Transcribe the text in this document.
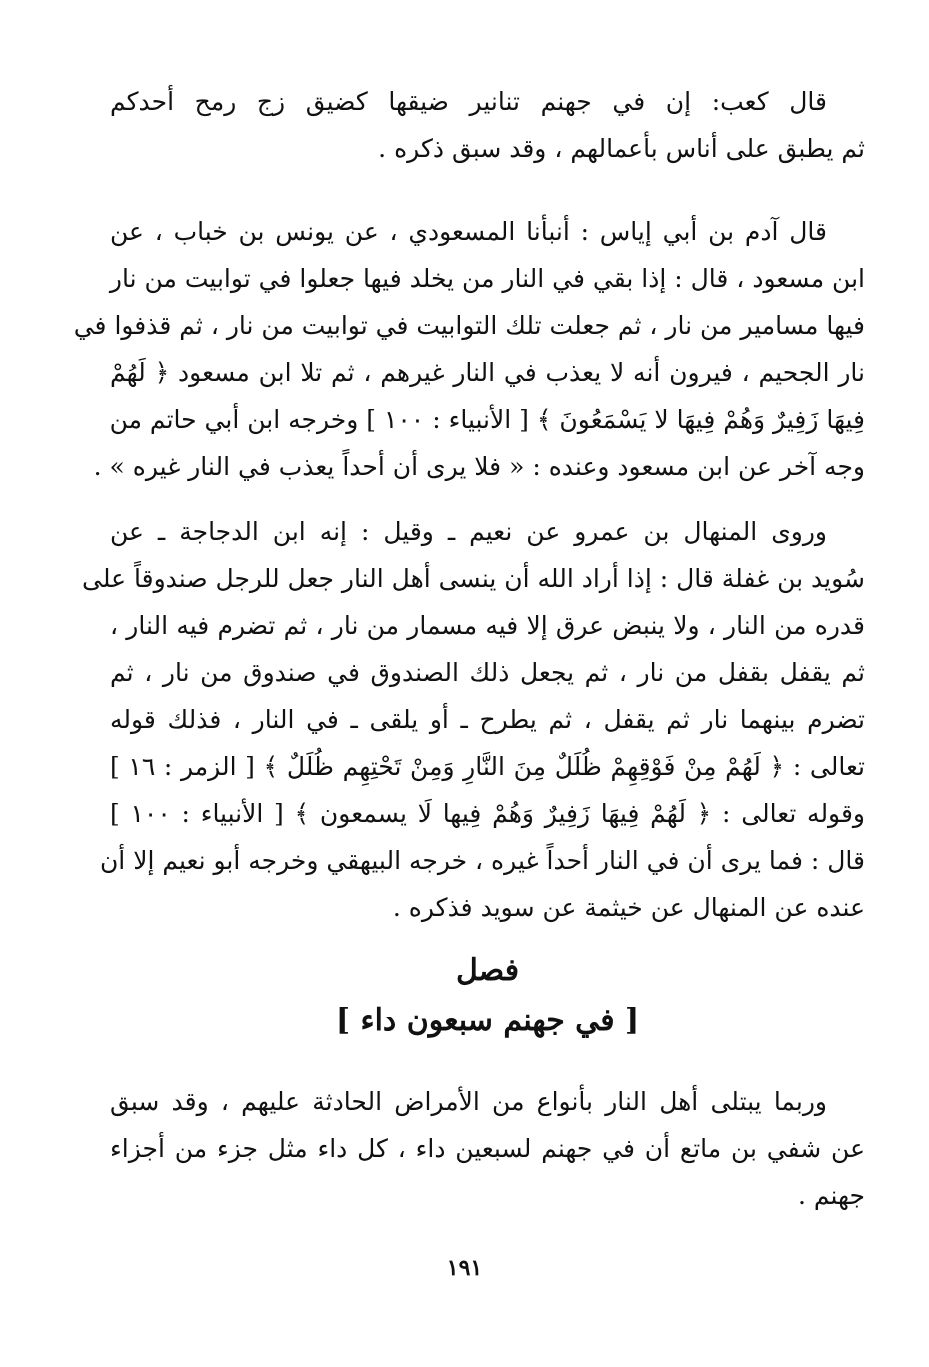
قال كعب: إن في جهنم تنانير ضيقها كضيق زج رمح أحدكم
ثم يطبق على أناس بأعمالهم ، وقد سبق ذكره .
قال آدم بن أبي إياس : أنبأنا المسعودي ، عن يونس بن خباب ، عن
ابن مسعود ، قال : إذا بقي في النار من يخلد فيها جعلوا في توابيت من نار
فيها مسامير من نار ، ثم جعلت تلك التوابيت في توابيت من نار ، ثم قذفوا في
نار الجحيم ، فيرون أنه لا يعذب في النار غيرهم ، ثم تلا ابن مسعود ﴿ لَهُمْ
فِيهَا زَفِيرٌ وَهُمْ فِيهَا لا يَسْمَعُونَ ﴾ [ الأنبياء : ١٠٠ ] وخرجه ابن أبي حاتم من
وجه آخر عن ابن مسعود وعنده : « فلا يرى أن أحداً يعذب في النار غيره » .
وروى المنهال بن عمرو عن نعيم ـ وقيل : إنه ابن الدجاجة ـ عن
سُويد بن غفلة قال : إذا أراد الله أن ينسى أهل النار جعل للرجل صندوقاً على
قدره من النار ، ولا ينبض عرق إلا فيه مسمار من نار ، ثم تضرم فيه النار ،
ثم يقفل بقفل من نار ، ثم يجعل ذلك الصندوق في صندوق من نار ، ثم
تضرم بينهما نار ثم يقفل ، ثم يطرح ـ أو يلقى ـ في النار ، فذلك قوله
تعالى : ﴿ لَهُمْ مِنْ فَوْقِهِمْ ظُلَلٌ مِنَ النَّارِ وَمِنْ تَحْتِهِم ظُلَلٌ ﴾ [ الزمر : ١٦ ]
وقوله تعالى : ﴿ لَهُمْ فِيهَا زَفِيرٌ وَهُمْ فِيها لَا يسمعون ﴾ [ الأنبياء : ١٠٠ ]
قال : فما يرى أن في النار أحداً غيره ، خرجه البيهقي وخرجه أبو نعيم إلا أن
عنده عن المنهال عن خيثمة عن سويد فذكره .
فصل
[ في جهنم سبعون داء ]
وربما يبتلى أهل النار بأنواع من الأمراض الحادثة عليهم ، وقد سبق
عن شفي بن ماتع أن في جهنم لسبعين داء ، كل داء مثل جزء من أجزاء
جهنم .
١٩١
